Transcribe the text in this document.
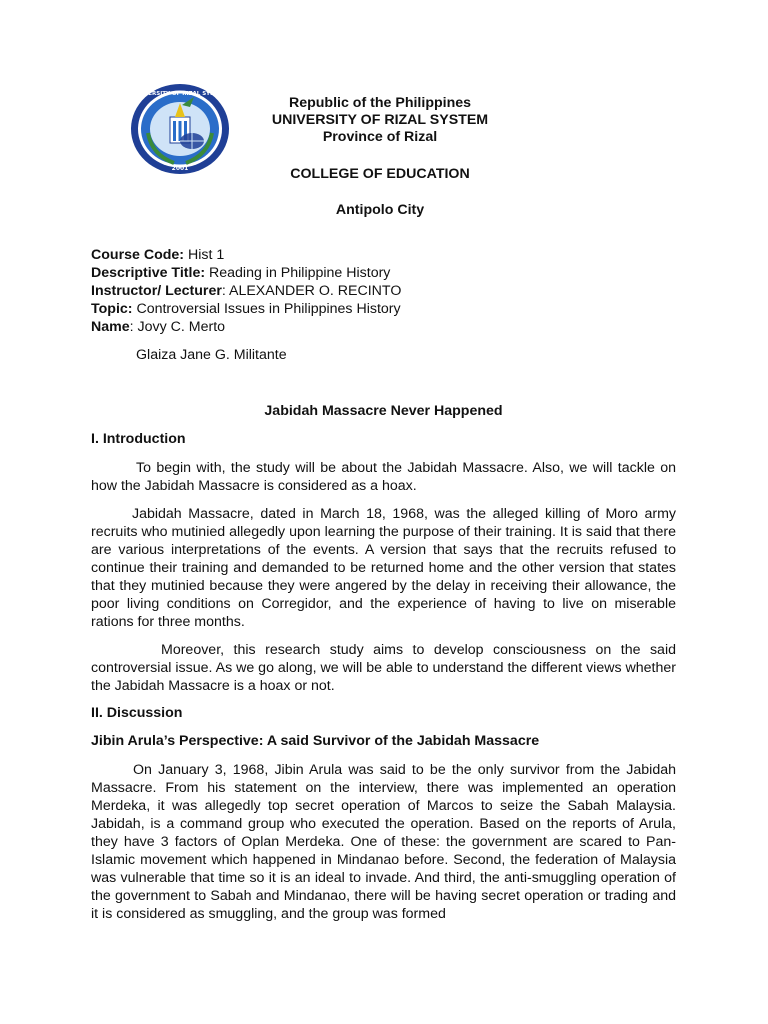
UNIVERSITY OF RIZAL SYSTEM
2001
Republic of the Philippines
UNIVERSITY OF RIZAL SYSTEM
Province of Rizal
COLLEGE OF EDUCATION
Antipolo City
Course Code: Hist 1
Descriptive Title: Reading in Philippine History
Instructor/ Lecturer: ALEXANDER O. RECINTO
Topic: Controversial Issues in Philippines History
Name: Jovy C. Merto
Glaiza Jane G. Militante
Jabidah Massacre Never Happened
I. Introduction
To begin with, the study will be about the Jabidah Massacre. Also, we will tackle on how the Jabidah Massacre is considered as a hoax.
Jabidah Massacre, dated in March 18, 1968, was the alleged killing of Moro army recruits who mutinied allegedly upon learning the purpose of their training. It is said that there are various interpretations of the events. A version that says that the recruits refused to continue their training and demanded to be returned home and the other version that states that they mutinied because they were angered by the delay in receiving their allowance, the poor living conditions on Corregidor, and the experience of having to live on miserable rations for three months.
Moreover, this research study aims to develop consciousness on the said controversial issue. As we go along, we will be able to understand the different views whether the Jabidah Massacre is a hoax or not.
II. Discussion
Jibin Arula’s Perspective: A said Survivor of the Jabidah Massacre
On January 3, 1968, Jibin Arula was said to be the only survivor from the Jabidah Massacre. From his statement on the interview, there was implemented an operation Merdeka, it was allegedly top secret operation of Marcos to seize the Sabah Malaysia. Jabidah, is a command group who executed the operation. Based on the reports of Arula, they have 3 factors of Oplan Merdeka. One of these: the government are scared to Pan-Islamic movement which happened in Mindanao before. Second, the federation of Malaysia was vulnerable that time so it is an ideal to invade. And third, the anti-smuggling operation of the government to Sabah and Mindanao, there will be having secret operation or trading and it is considered as smuggling, and the group was formed
